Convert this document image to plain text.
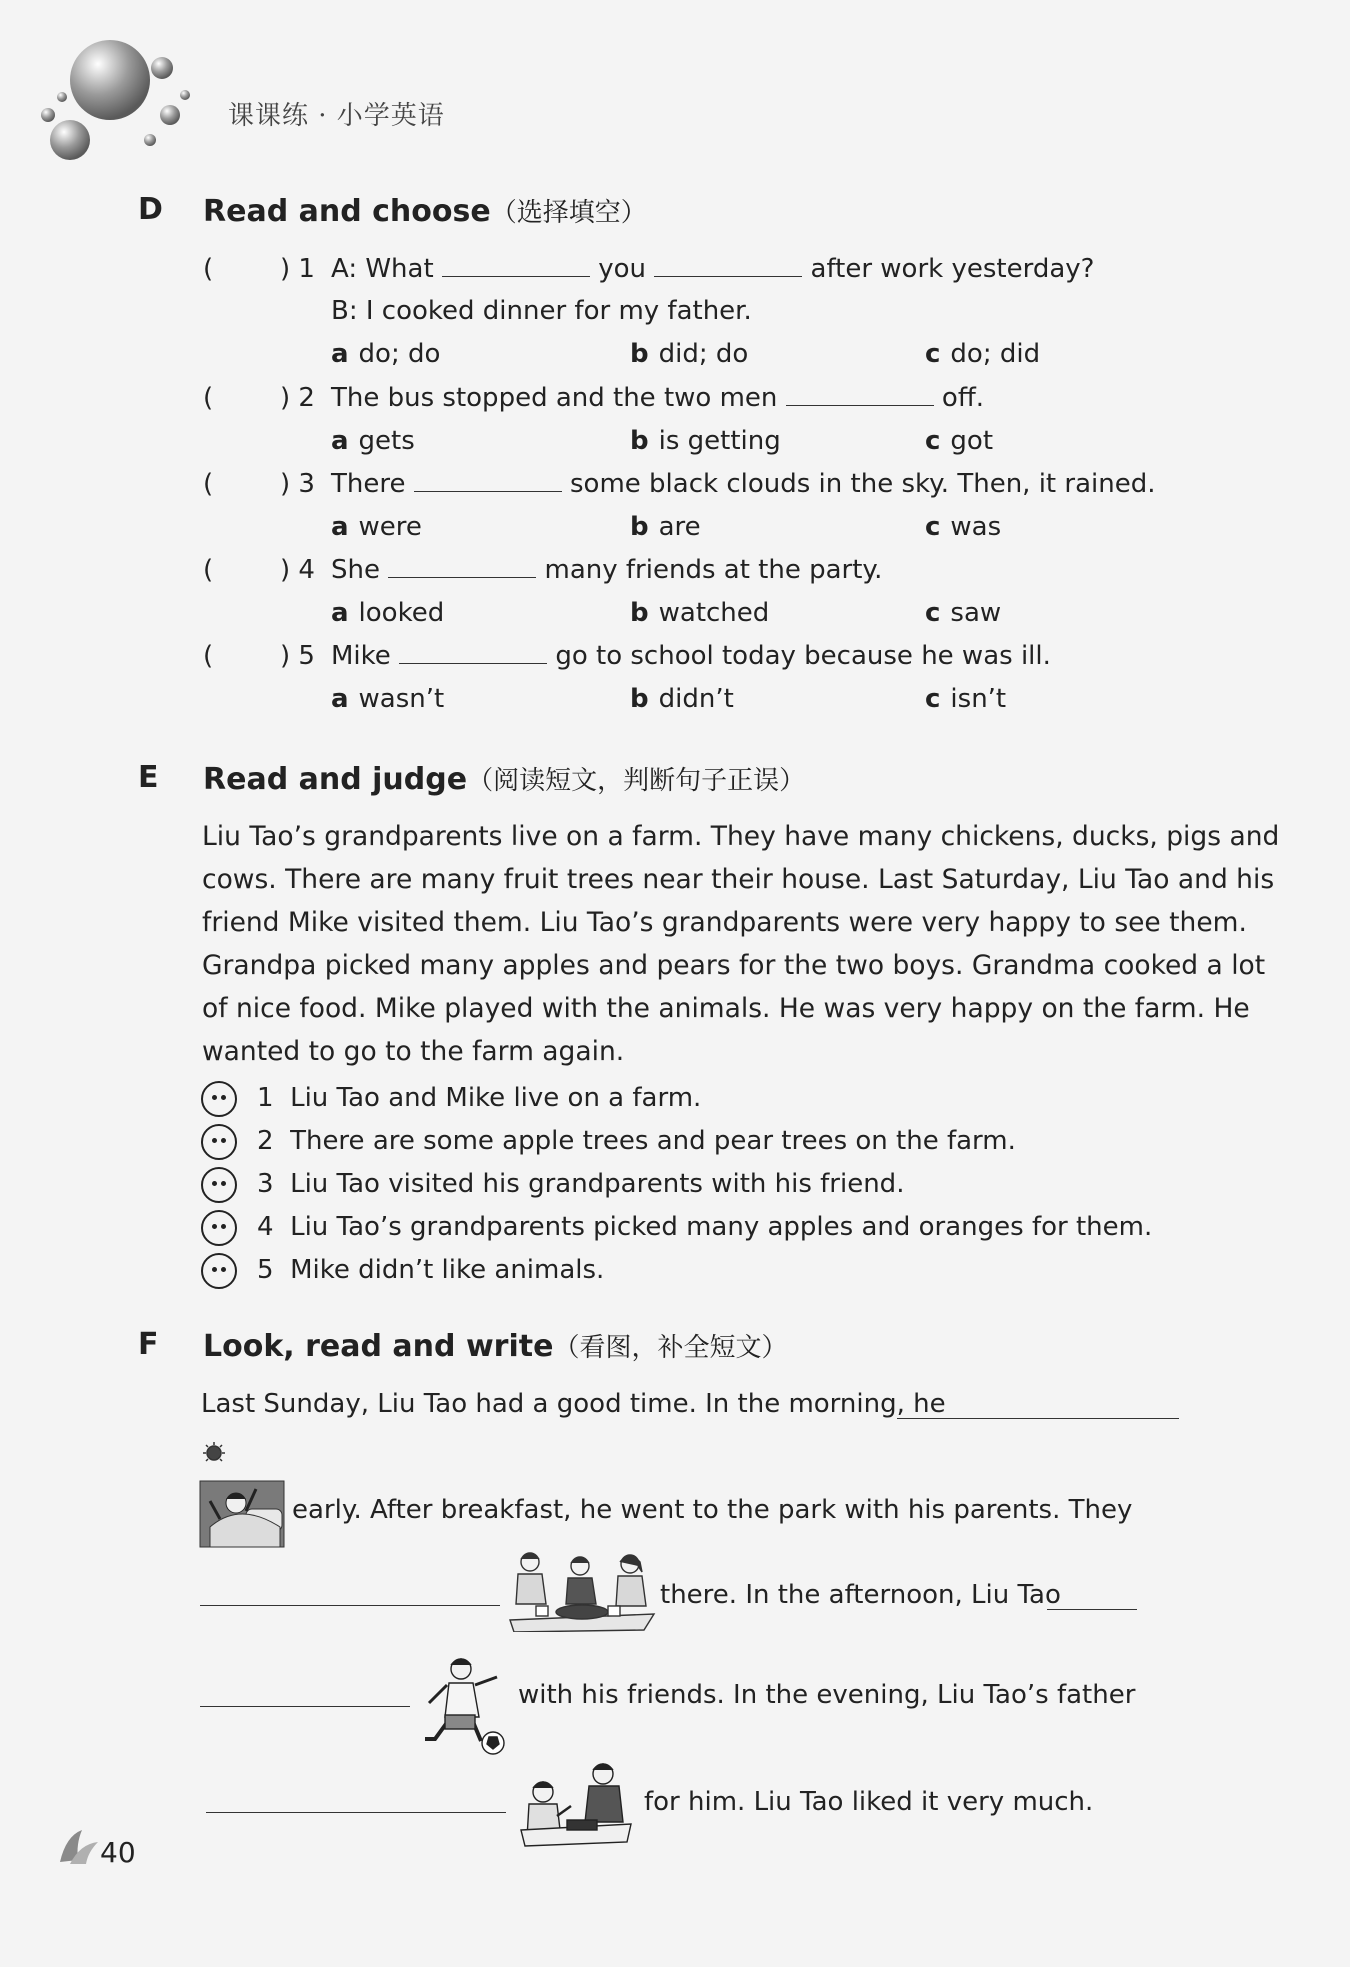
课课练 · 小学英语
D Read and choose（选择填空）
(	) 1 A: What	you	after work yesterday?
B: I cooked dinner for my father.
a do; do	b did; do	c do; did
(	) 2 The bus stopped and the two men	off.
a gets	b is getting	c got
(	) 3 There	some black clouds in the sky. Then, it rained.
a were	b are	c was
(	) 4 She	many friends at the party.
a looked	b watched	c saw
(	) 5 Mike	go to school today because he was ill.
a wasn’t	b didn’t	c isn’t
E Read and judge（阅读短文，判断句子正误）

Liu Tao’s grandparents live on a farm. They have many chickens, ducks, pigs and

cows. There are many fruit trees near their house. Last Saturday, Liu Tao and his

friend Mike visited them. Liu Tao’s grandparents were very happy to see them.

Grandpa picked many apples and pears for the two boys. Grandma cooked a lot

of nice food. Mike played with the animals. He was very happy on the farm. He

wanted to go to the farm again.

1 Liu Tao and Mike live on a farm.
2 There are some apple trees and pear trees on the farm.
3 Liu Tao visited his grandparents with his friend.
4 Liu Tao’s grandparents picked many apples and oranges for them.
5 Mike didn’t like animals.
F Look, read and write（看图，补全短文）
Last Sunday, Liu Tao had a good time. In the morning, he
early. After breakfast, he went to the park with his parents. They
there. In the afternoon, Liu Tao
with his friends. In the evening, Liu Tao’s father
for him. Liu Tao liked it very much.
40
